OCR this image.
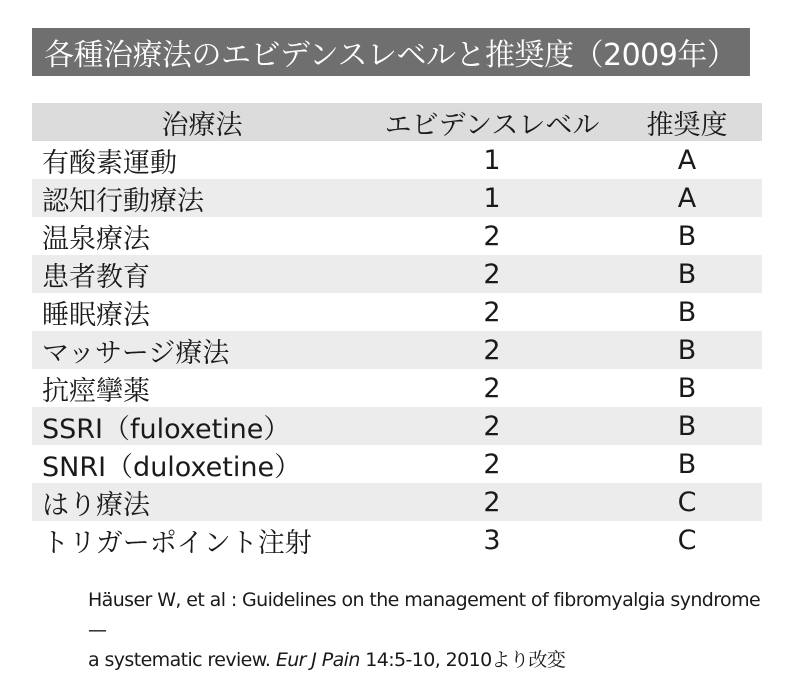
各種治療法のエビデンスレベルと推奨度（2009年）
治療法	エビデンスレベル	推奨度
有酸素運動	1	A
認知行動療法	1	A
温泉療法	2	B
患者教育	2	B
睡眠療法	2	B
マッサージ療法	2	B
抗痙攣薬	2	B
SSRI（fuloxetine）	2	B
SNRI（duloxetine）	2	B
はり療法	2	C
トリガーポイント注射	3	C
Häuser W, et al : Guidelines on the management of fibromyalgia syndrome —
a systematic review. Eur J Pain 14:5-10, 2010より改変
